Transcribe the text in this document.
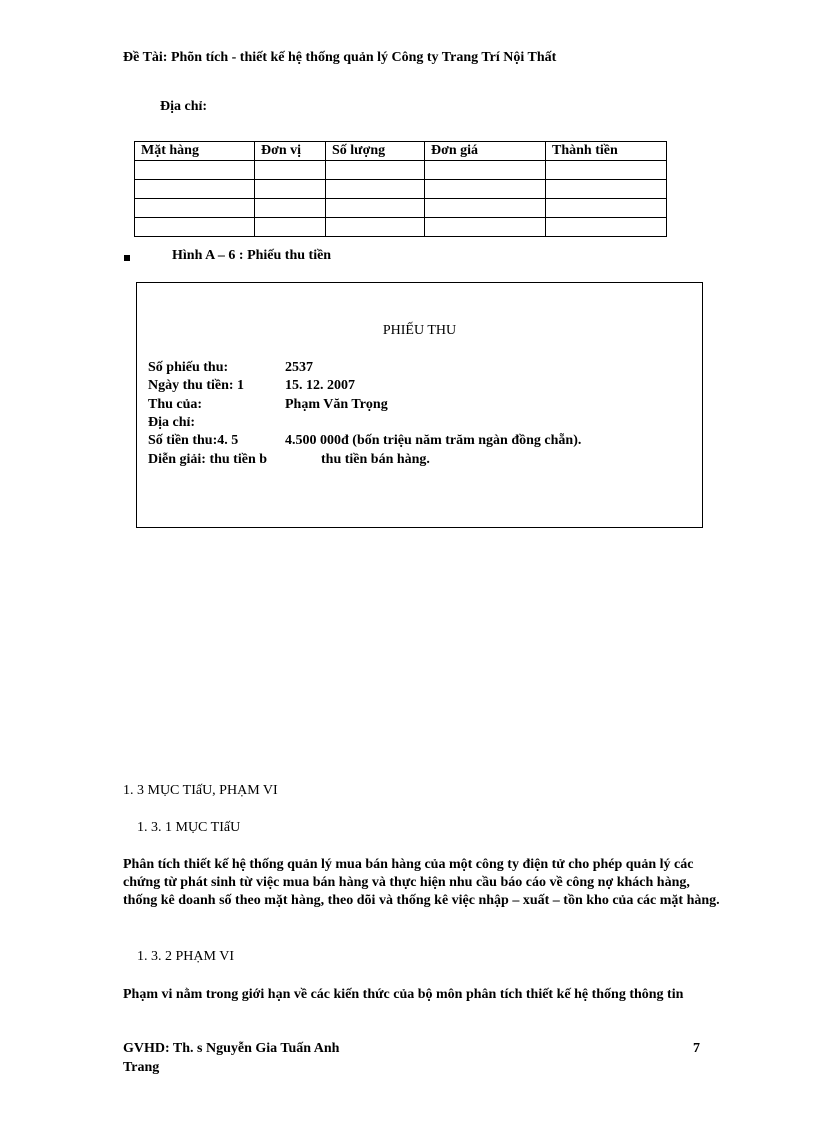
Đề Tài: Phõn tích - thiết kế hệ thống quản lý Công ty Trang Trí Nội Thất
Địa chỉ:
Mặt hàng	Đơn vị	Số lượng	Đơn giá	Thành tiền

Hình A – 6 : Phiếu thu tiền
PHIẾU THU
Số phiếu thu:	2537
Ngày thu tiền: 1	15. 12. 2007
Thu của:	Phạm Văn Trọng
Địa chỉ:
Số tiền thu:4. 5	4.500 000đ (bốn triệu năm trăm ngàn đồng chẵn).
Diễn giải: thu tiền b	thu tiền bán hàng.
1. 3 MỤC TIấU, PHẠM VI
1. 3. 1 MỤC TIấU
Phân tích thiết kế hệ thống quản lý mua bán hàng của một công ty điện tử cho phép quản lý các chứng từ phát sinh từ việc mua bán hàng và thực hiện nhu cầu báo cáo về công nợ khách hàng, thống kê doanh số theo mặt hàng, theo dõi và thống kê việc nhập – xuất – tồn kho của các mặt hàng.
1. 3. 2 PHẠM VI
Phạm vi nằm trong giới hạn về các kiến thức của bộ môn phân tích thiết kế hệ thống thông tin
GVHD: Th. s Nguyễn Gia Tuấn Anh
Trang
7
